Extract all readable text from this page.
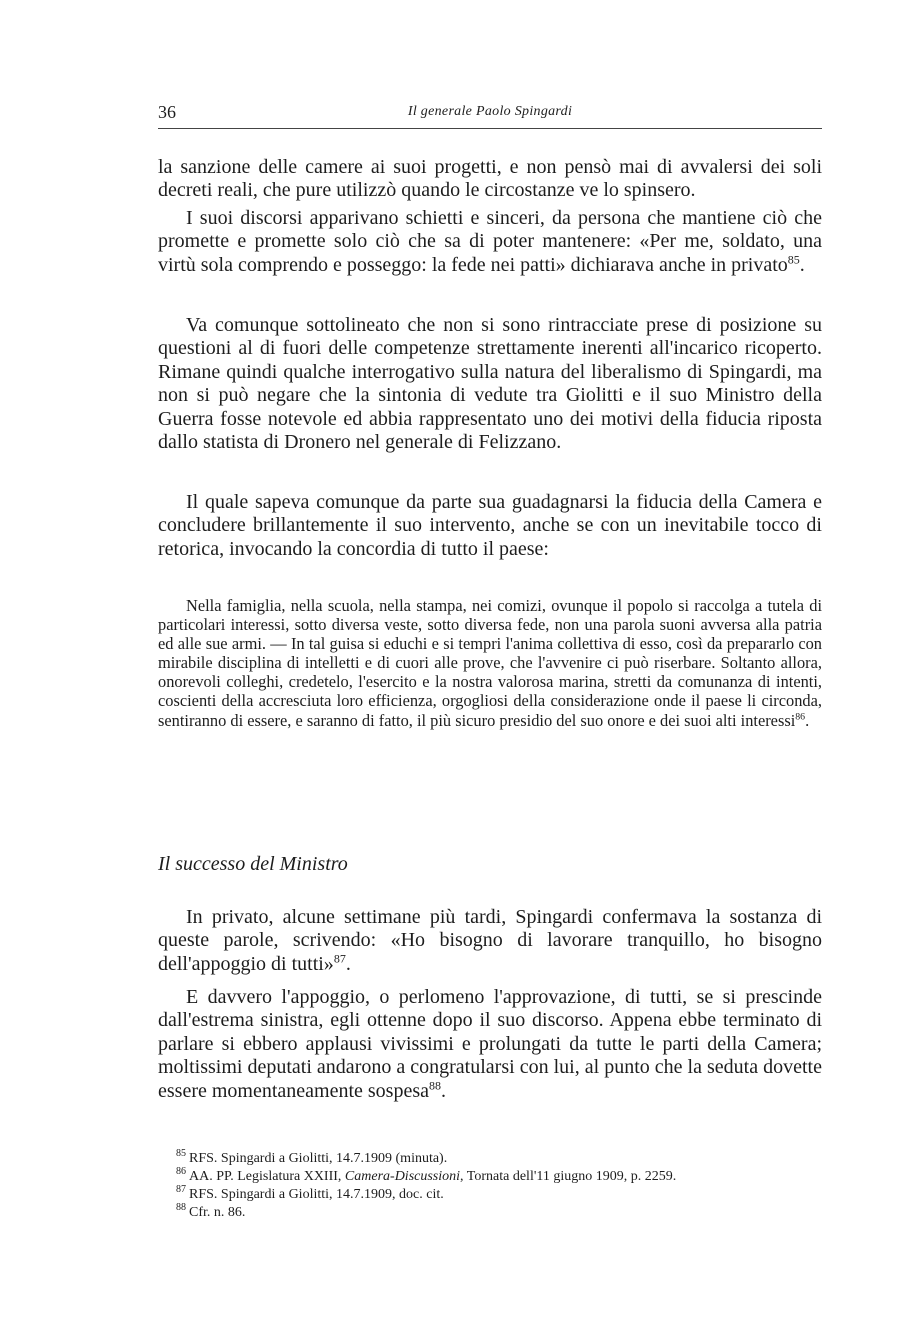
36	Il generale Paolo Spingardi

la sanzione delle camere ai suoi progetti, e non pensò mai di avvalersi dei soli decreti reali, che pure utilizzò quando le circostanze ve lo spinsero.

I suoi discorsi apparivano schietti e sinceri, da persona che mantiene ciò che promette e promette solo ciò che sa di poter mantenere: «Per me, soldato, una virtù sola comprendo e posseggo: la fede nei patti» dichiarava anche in privato$^{85}$.

Va comunque sottolineato che non si sono rintracciate prese di posizione su questioni al di fuori delle competenze strettamente inerenti all'incarico ricoperto. Rimane quindi qualche interrogativo sulla natura del liberalismo di Spingardi, ma non si può negare che la sintonia di vedute tra Giolitti e il suo Ministro della Guerra fosse notevole ed abbia rappresentato uno dei motivi della fiducia riposta dallo statista di Dronero nel generale di Felizzano.

Il quale sapeva comunque da parte sua guadagnarsi la fiducia della Camera e concludere brillantemente il suo intervento, anche se con un inevitabile tocco di retorica, invocando la concordia di tutto il paese:

Nella famiglia, nella scuola, nella stampa, nei comizi, ovunque il popolo si raccolga a tutela di particolari interessi, sotto diversa veste, sotto diversa fede, non una parola suoni avversa alla patria ed alle sue armi. — In tal guisa si educhi e si tempri l'anima collettiva di esso, così da prepararlo con mirabile disciplina di intelletti e di cuori alle prove, che l'avvenire ci può riserbare. Soltanto allora, onorevoli colleghi, credetelo, l'esercito e la nostra valorosa marina, stretti da comunanza di intenti, coscienti della accresciuta loro efficienza, orgogliosi della considerazione onde il paese li circonda, sentiranno di essere, e saranno di fatto, il più sicuro presidio del suo onore e dei suoi alti interessi$^{86}$.
Il successo del Ministro

In privato, alcune settimane più tardi, Spingardi confermava la sostanza di queste parole, scrivendo: «Ho bisogno di lavorare tranquillo, ho bisogno dell'appoggio di tutti»$^{87}$.

E davvero l'appoggio, o perlomeno l'approvazione, di tutti, se si prescinde dall'estrema sinistra, egli ottenne dopo il suo discorso. Appena ebbe terminato di parlare si ebbero applausi vivissimi e prolungati da tutte le parti della Camera; moltissimi deputati andarono a congratularsi con lui, al punto che la seduta dovette essere momentaneamente sospesa$^{88}$.

$^{85}$ RFS. Spingardi a Giolitti, 14.7.1909 (minuta).

$^{86}$ AA. PP. Legislatura XXIII, Camera-Discussioni, Tornata dell'11 giugno 1909, p. 2259.

$^{87}$ RFS. Spingardi a Giolitti, 14.7.1909, doc. cit.

$^{88}$ Cfr. n. 86.
